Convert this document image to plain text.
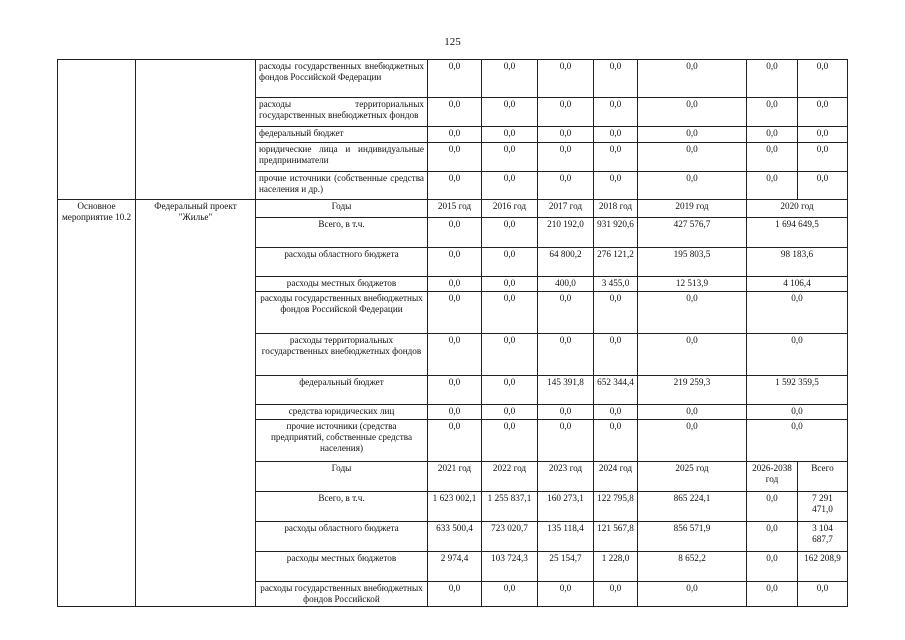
125
		расходы государственных внебюджетных фондов Российской Федерации	0,0	0,0	0,0	0,0	0,0	0,0	0,0
		расходы территориальных государственных внебюджетных фондов	0,0	0,0	0,0	0,0	0,0	0,0	0,0
		федеральный бюджет	0,0	0,0	0,0	0,0	0,0	0,0	0,0
		юридические лица и индивидуальные предприниматели	0,0	0,0	0,0	0,0	0,0	0,0	0,0
		прочие источники (собственные средства населения и др.)	0,0	0,0	0,0	0,0	0,0	0,0	0,0
Основное мероприятие 10.2	Федеральный проект "Жилье"	Годы	2015 год	2016 год	2017 год	2018 год	2019 год	2020 год	
		Всего, в т.ч.	0,0	0,0	210 192,0	931 920,6	427 576,7	1 694 649,5	
		расходы областного бюджета	0,0	0,0	64 800,2	276 121,2	195 803,5	98 183,6	
		расходы местных бюджетов	0,0	0,0	400,0	3 455,0	12 513,9	4 106,4	
		расходы государственных внебюджетных фондов Российской Федерации	0,0	0,0	0,0	0,0	0,0	0,0	
		расходы территориальных государственных внебюджетных фондов	0,0	0,0	0,0	0,0	0,0	0,0	
		федеральный бюджет	0,0	0,0	145 391,8	652 344,4	219 259,3	1 592 359,5	
		средства юридических лиц	0,0	0,0	0,0	0,0	0,0	0,0	
		прочие источники (средства предприятий, собственные средства населения)	0,0	0,0	0,0	0,0	0,0	0,0	
		Годы	2021 год	2022 год	2023 год	2024 год	2025 год	2026-2038 год	Всего
		Всего, в т.ч.	1 623 002,1	1 255 837,1	160 273,1	122 795,8	865 224,1	0,0	7 291 471,0
		расходы областного бюджета	633 500,4	723 020,7	135 118,4	121 567,8	856 571,9	0,0	3 104 687,7
		расходы местных бюджетов	2 974,4	103 724,3	25 154,7	1 228,0	8 652,2	0,0	162 208,9
		расходы государственных внебюджетных фондов Российской	0,0	0,0	0,0	0,0	0,0	0,0	0,0
